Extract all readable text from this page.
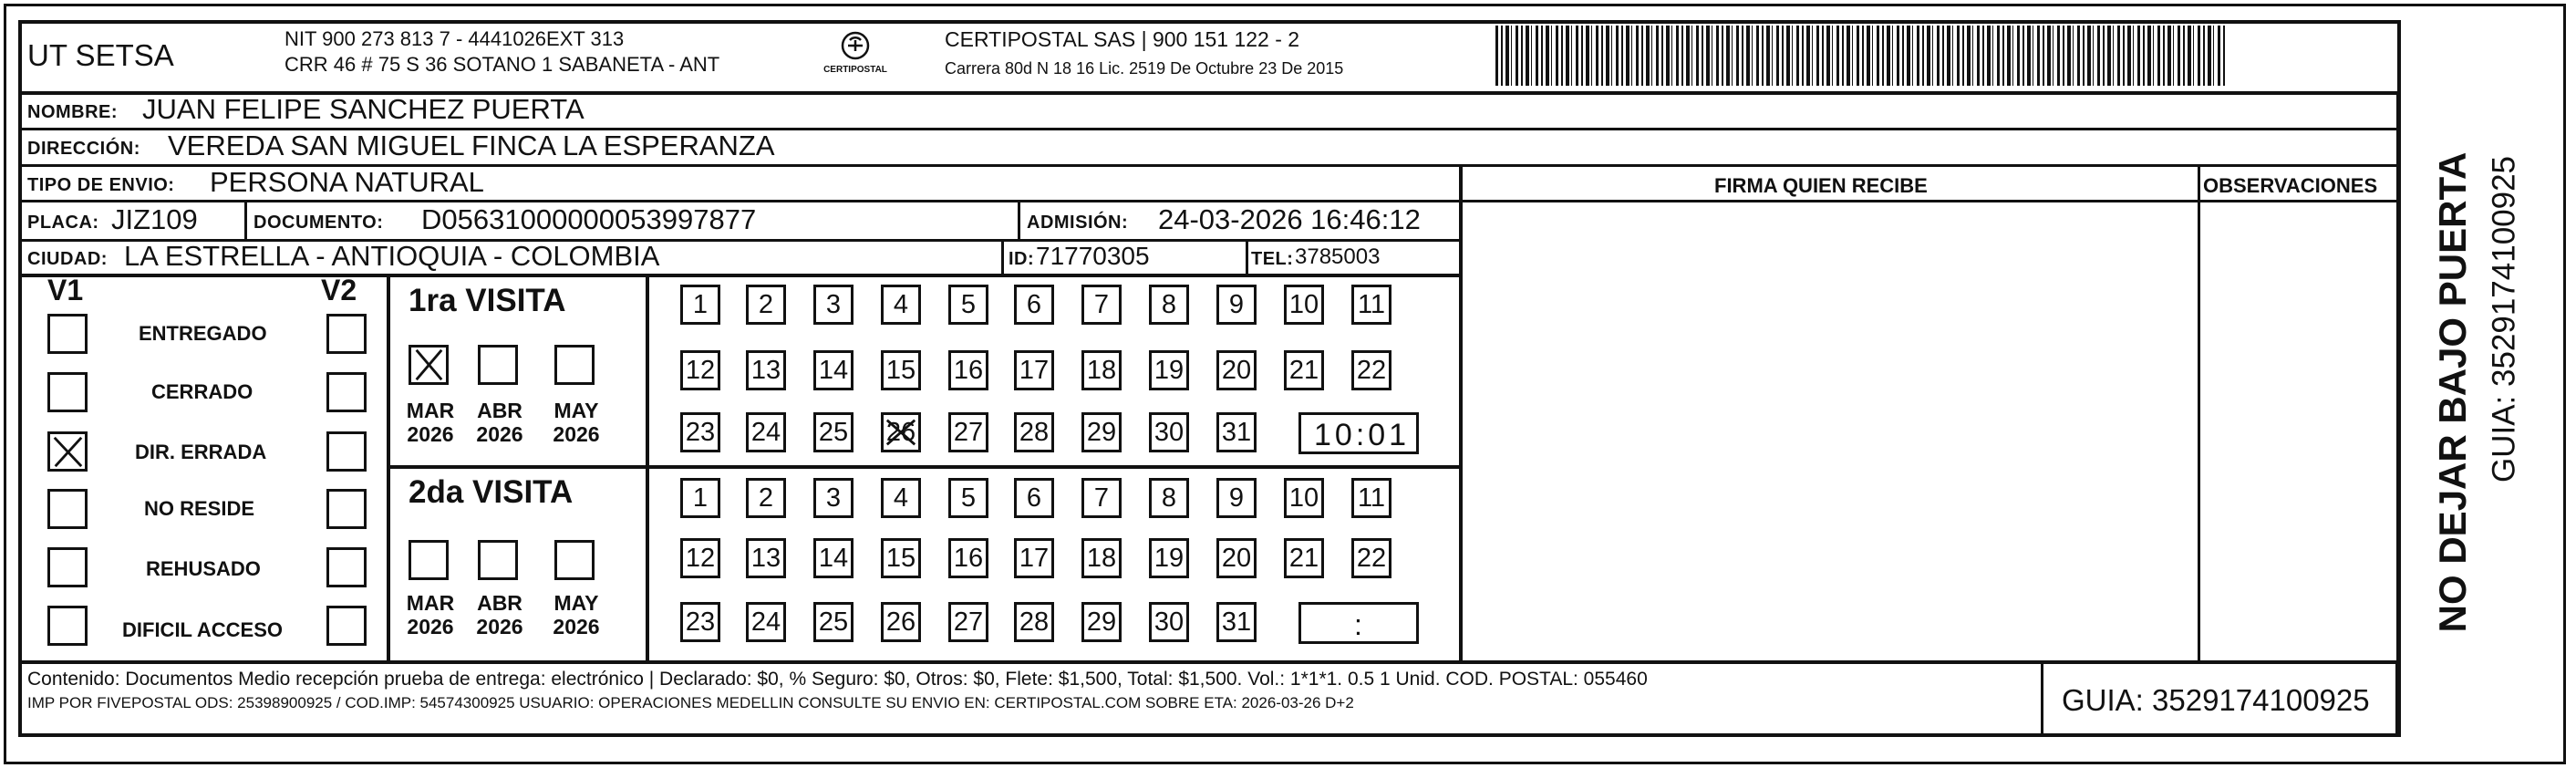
UT SETSA	NIT 900 273 813 7 - 4441026EXT 313
CRR 46 # 75 S 36 SOTANO 1 SABANETA - ANT	CERTIPOSTAL
CERTIPOSTAL SAS | 900 151 122 - 2
Carrera 80d N 18 16 Lic. 2519 De Octubre 23 De 2015
NOMBRE: JUAN FELIPE SANCHEZ PUERTA
DIRECCIÓN: VEREDA SAN MIGUEL FINCA LA ESPERANZA
TIPO DE ENVIO: PERSONA NATURAL
PLACA: JIZ109	DOCUMENTO: D05631000000053997877	ADMISIÓN: 24-03-2026 16:46:12
CIUDAD: LA ESTRELLA - ANTIOQUIA - COLOMBIA	ID: 71770305	TEL: 3785003
FIRMA QUIEN RECIBE	OBSERVACIONES
V1	V2
ENTREGADO
CERRADO
DIR. ERRADA
NO RESIDE
REHUSADO
DIFICIL ACCESO
1ra VISITA
MAR
2026
ABR
2026
MAY
2026
1 2 3 4 5 6 7 8 9 10 11
12 13 14 15 16 17 18 19 20 21 22
23 24 25 26 27 28 29 30 31 10:01
2da VISITA
MAR
2026
ABR
2026
MAY
2026
1 2 3 4 5 6 7 8 9 10 11
12 13 14 15 16 17 18 19 20 21 22
23 24 25 26 27 28 29 30 31	:
Contenido: Documentos Medio recepción prueba de entrega: electrónico | Declarado: $0, % Seguro: $0, Otros: $0, Flete: $1,500, Total: $1,500. Vol.: 1*1*1. 0.5 1 Unid. COD. POSTAL: 055460
IMP POR FIVEPOSTAL ODS: 25398900925 / COD.IMP: 54574300925 USUARIO: OPERACIONES MEDELLIN CONSULTE SU ENVIO EN: CERTIPOSTAL.COM SOBRE ETA: 2026-03-26 D+2	GUIA: 3529174100925
NO DEJAR BAJO PUERTA GUIA: 3529174100925
